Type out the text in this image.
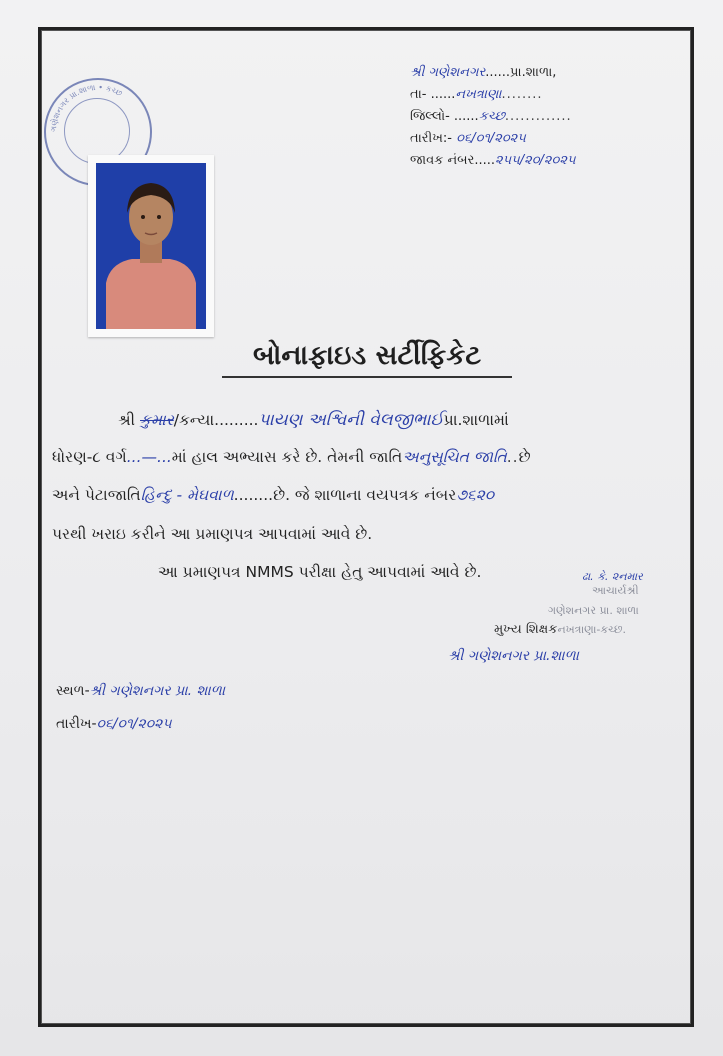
શ્રી ગણેશનગર......પ્રા.શાળા,
તા- ......નખત્રાણા........
જિલ્લો- ......કચ્છ.............
તારીખ:- ૦૬/૦૧/૨૦૨૫
જાવક નંબર.....૨૫૫/૨૦/૨૦૨૫
ગણેશનગર પ્રા.શાળા • કચ્છ
બોનાફાઇડ સર્ટીફિકેટ
શ્રી કુમાર/કન્યા.........પાયણ અશ્વિની વેલજીભાઈપ્રા.શાળામાં
ધોરણ-૮ વર્ગ...—...માં હાલ અભ્યાસ કરે છે. તેમની જાતિઅનુસૂચિત જાતિ..છે
અને પેટાજાતિહિન્દુ - મેઘવાળ........છે. જે શાળાના વયપત્રક નંબર૭૬૨૦
પરથી ખરાઇ કરીને આ પ્રમાણપત્ર આપવામાં આવે છે.
આ પ્રમાણપત્ર NMMS પરીક્ષા હેતુ આપવામાં આવે છે.	ઢા. કે. ૨નમાર
આચાર્યશ્રી
ગણેશનગર પ્રા. શાળા
મુખ્ય શિક્ષકનખત્રાણા-કચ્છ.
શ્રી ગણેશનગર પ્રા.શાળા
સ્થળ-શ્રી ગણેશનગર પ્રા. શાળા
તારીખ-૦૬/૦૧/૨૦૨૫
